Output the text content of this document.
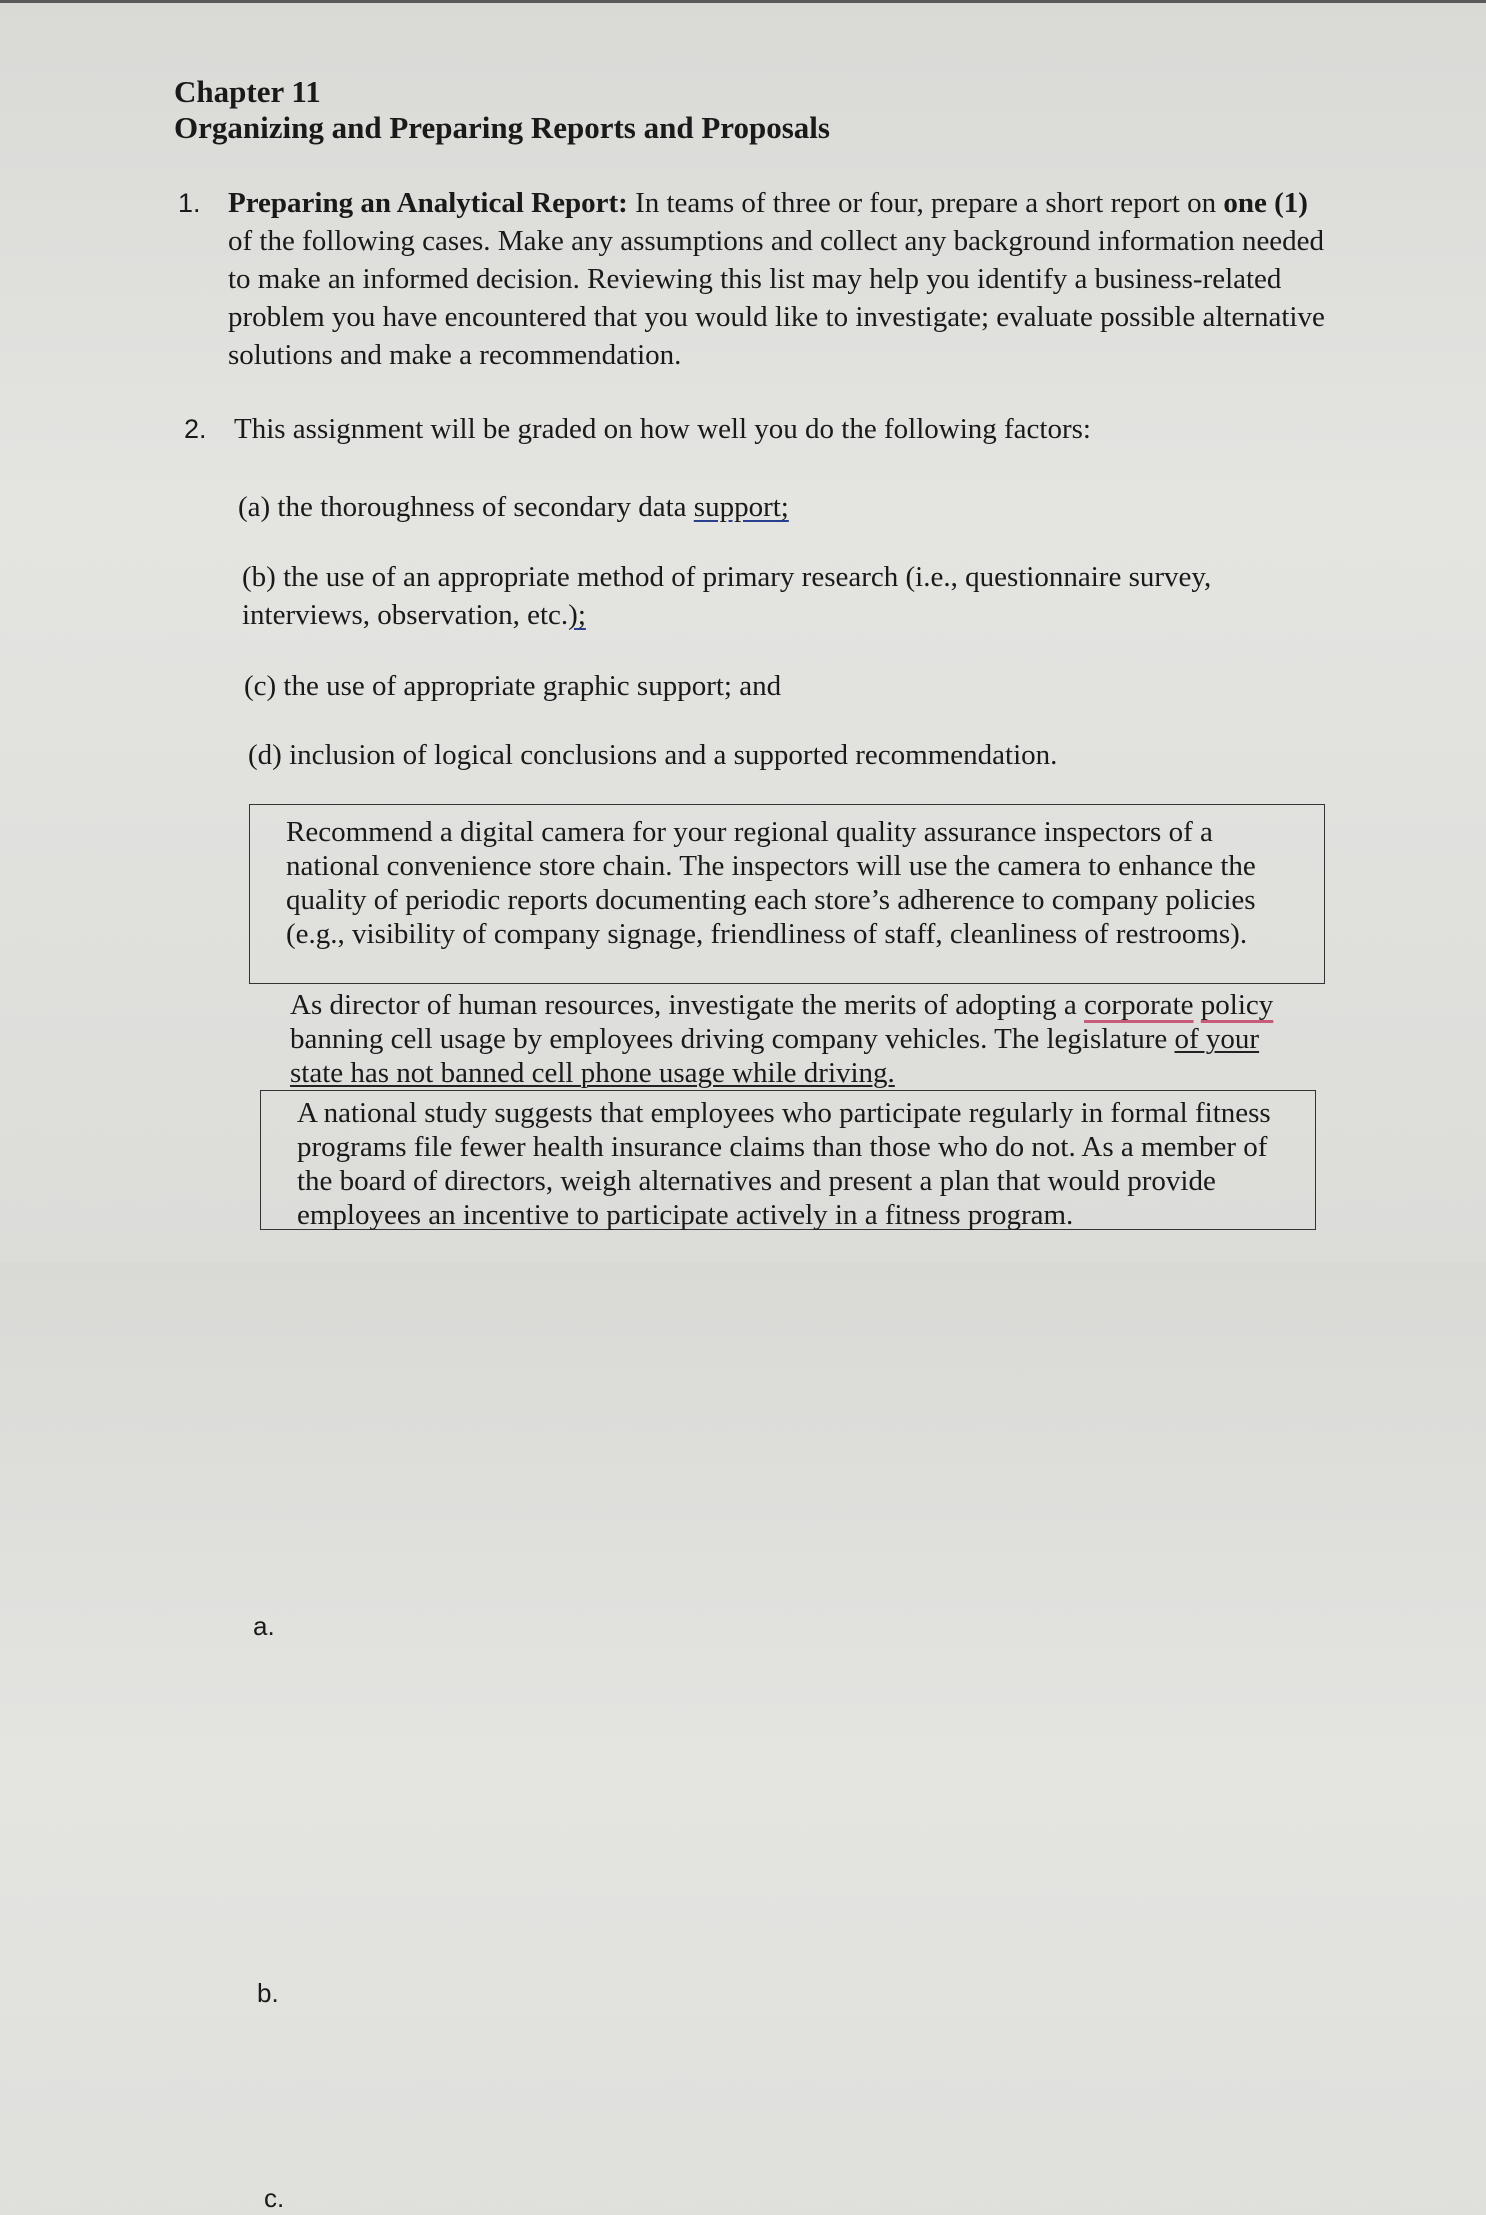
Chapter 11
Organizing and Preparing Reports and Proposals
1. Preparing an Analytical Report: In teams of three or four, prepare a short report on one (1) of the following cases. Make any assumptions and collect any background information needed to make an informed decision. Reviewing this list may help you identify a business-related problem you have encountered that you would like to investigate; evaluate possible alternative solutions and make a recommendation.
2. This assignment will be graded on how well you do the following factors:
(a) the thoroughness of secondary data support;
(b) the use of an appropriate method of primary research (i.e., questionnaire survey, interviews, observation, etc.);
(c) the use of appropriate graphic support; and
(d) inclusion of logical conclusions and a supported recommendation.
a.
Recommend a digital camera for your regional quality assurance inspectors of a national convenience store chain. The inspectors will use the camera to enhance the quality of periodic reports documenting each store’s adherence to company policies (e.g., visibility of company signage, friendliness of staff, cleanliness of restrooms).
b.
As director of human resources, investigate the merits of adopting a corporate policy banning cell usage by employees driving company vehicles. The legislature of your state has not banned cell phone usage while driving.
c.
A national study suggests that employees who participate regularly in formal fitness programs file fewer health insurance claims than those who do not. As a member of the board of directors, weigh alternatives and present a plan that would provide employees an incentive to participate actively in a fitness program.
